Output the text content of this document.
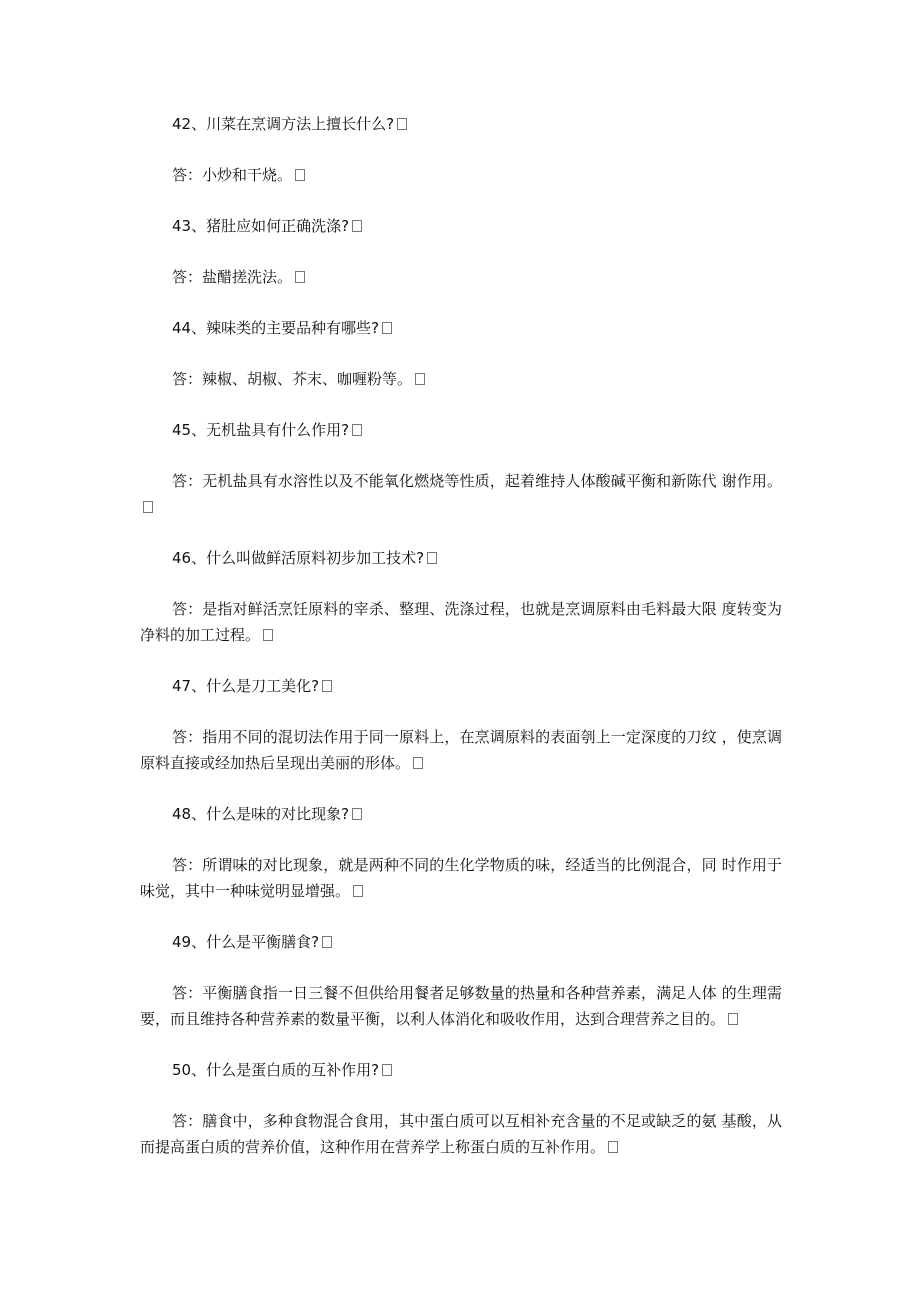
42、川菜在烹调方法上擅长什么?

答：小炒和干烧。

43、猪肚应如何正确洗涤?

答：盐醋搓洗法。

44、辣味类的主要品种有哪些?

答：辣椒、胡椒、芥末、咖喱粉等。

45、无机盐具有什么作用?

答：无机盐具有水溶性以及不能氧化燃烧等性质，起着维持人体酸碱平衡和新陈代 谢作用。

46、什么叫做鲜活原料初步加工技术?

答：是指对鲜活烹饪原料的宰杀、整理、洗涤过程，也就是烹调原料由毛料最大限 度转变为净料的加工过程。

47、什么是刀工美化?

答：指用不同的混切法作用于同一原料上，在烹调原料的表面刳上一定深度的刀纹 ，使烹调原料直接或经加热后呈现出美丽的形体。

48、什么是味的对比现象?

答：所谓味的对比现象，就是两种不同的生化学物质的味，经适当的比例混合，同 时作用于味觉，其中一种味觉明显增强。

49、什么是平衡膳食?

答：平衡膳食指一日三餐不但供给用餐者足够数量的热量和各种营养素，满足人体 的生理需 要，而且维持各种营养素的数量平衡，以利人体消化和吸收作用，达到合理营养之目的。

50、什么是蛋白质的互补作用?

答：膳食中，多种食物混合食用，其中蛋白质可以互相补充含量的不足或缺乏的氨 基酸，从而提高蛋白质的营养价值，这种作用在营养学上称蛋白质的互补作用。
